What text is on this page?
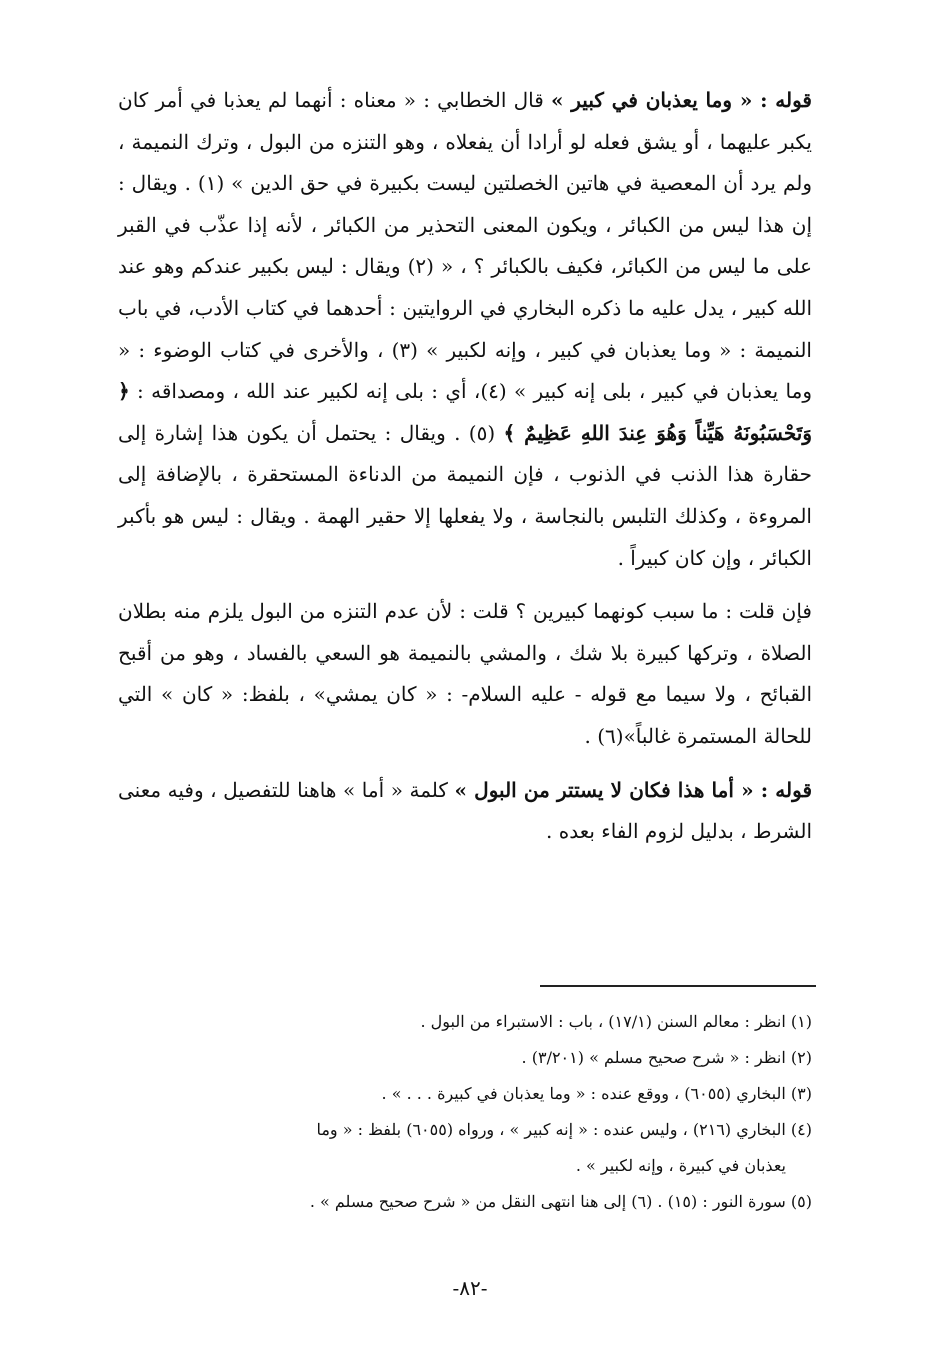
قوله : « وما يعذبان في كبير » قال الخطابي : « معناه : أنهما لم يعذبا في أمر كان يكبر عليهما ، أو يشق فعله لو أرادا أن يفعلاه ، وهو التنزه من البول ، وترك النميمة ، ولم يرد أن المعصية في هاتين الخصلتين ليست بكبيرة في حق الدين » (١) . ويقال : إن هذا ليس من الكبائر ، ويكون المعنى التحذير من الكبائر ، لأنه إذا عذّب في القبر على ما ليس من الكبائر، فكيف بالكبائر ؟ ، « (٢) ويقال : ليس بكبير عندكم وهو عند الله كبير ، يدل عليه ما ذكره البخاري في الروايتين : أحدهما في كتاب الأدب، في باب النميمة : « وما يعذبان في كبير ، وإنه لكبير » (٣) ، والأخرى في كتاب الوضوء : « وما يعذبان في كبير ، بلى إنه كبير » (٤)، أي : بلى إنه لكبير عند الله ، ومصداقه : ﴿ وَتَحْسَبُونَهُ هَيِّناً وَهُوَ عِندَ اللهِ عَظِيمٌ ﴾ (٥) . ويقال : يحتمل أن يكون هذا إشارة إلى حقارة هذا الذنب في الذنوب ، فإن النميمة من الدناءة المستحقرة ، بالإضافة إلى المروءة ، وكذلك التلبس بالنجاسة ، ولا يفعلها إلا حقير الهمة . ويقال : ليس هو بأكبر الكبائر ، وإن كان كبيراً .

فإن قلت : ما سبب كونهما كبيرين ؟ قلت : لأن عدم التنزه من البول يلزم منه بطلان الصلاة ، وتركها كبيرة بلا شك ، والمشي بالنميمة هو السعي بالفساد ، وهو من أقبح القبائح ، ولا سيما مع قوله - عليه السلام- : « كان يمشي» ، بلفظ: « كان » التي للحالة المستمرة غالباً»(٦) .

قوله : « أما هذا فكان لا يستتر من البول » كلمة « أما » هاهنا للتفصيل ، وفيه معنى الشرط ، بدليل لزوم الفاء بعده .

(١) انظر : معالم السنن (١٧/١) ، باب : الاستبراء من البول .

(٢) انظر : « شرح صحيح مسلم » (٣/٢٠١) .

(٣) البخاري (٦٠٥٥) ، ووقع عنده : « وما يعذبان في كبيرة . . . » .

(٤) البخاري (٢١٦) ، وليس عنده : « إنه كبير » ، ورواه (٦٠٥٥) بلفظ : « وما

يعذبان في كبيرة ، وإنه لكبير » .

(٥) سورة النور : (١٥) . (٦) إلى هنا انتهى النقل من « شرح صحيح مسلم » .

-٨٢-
